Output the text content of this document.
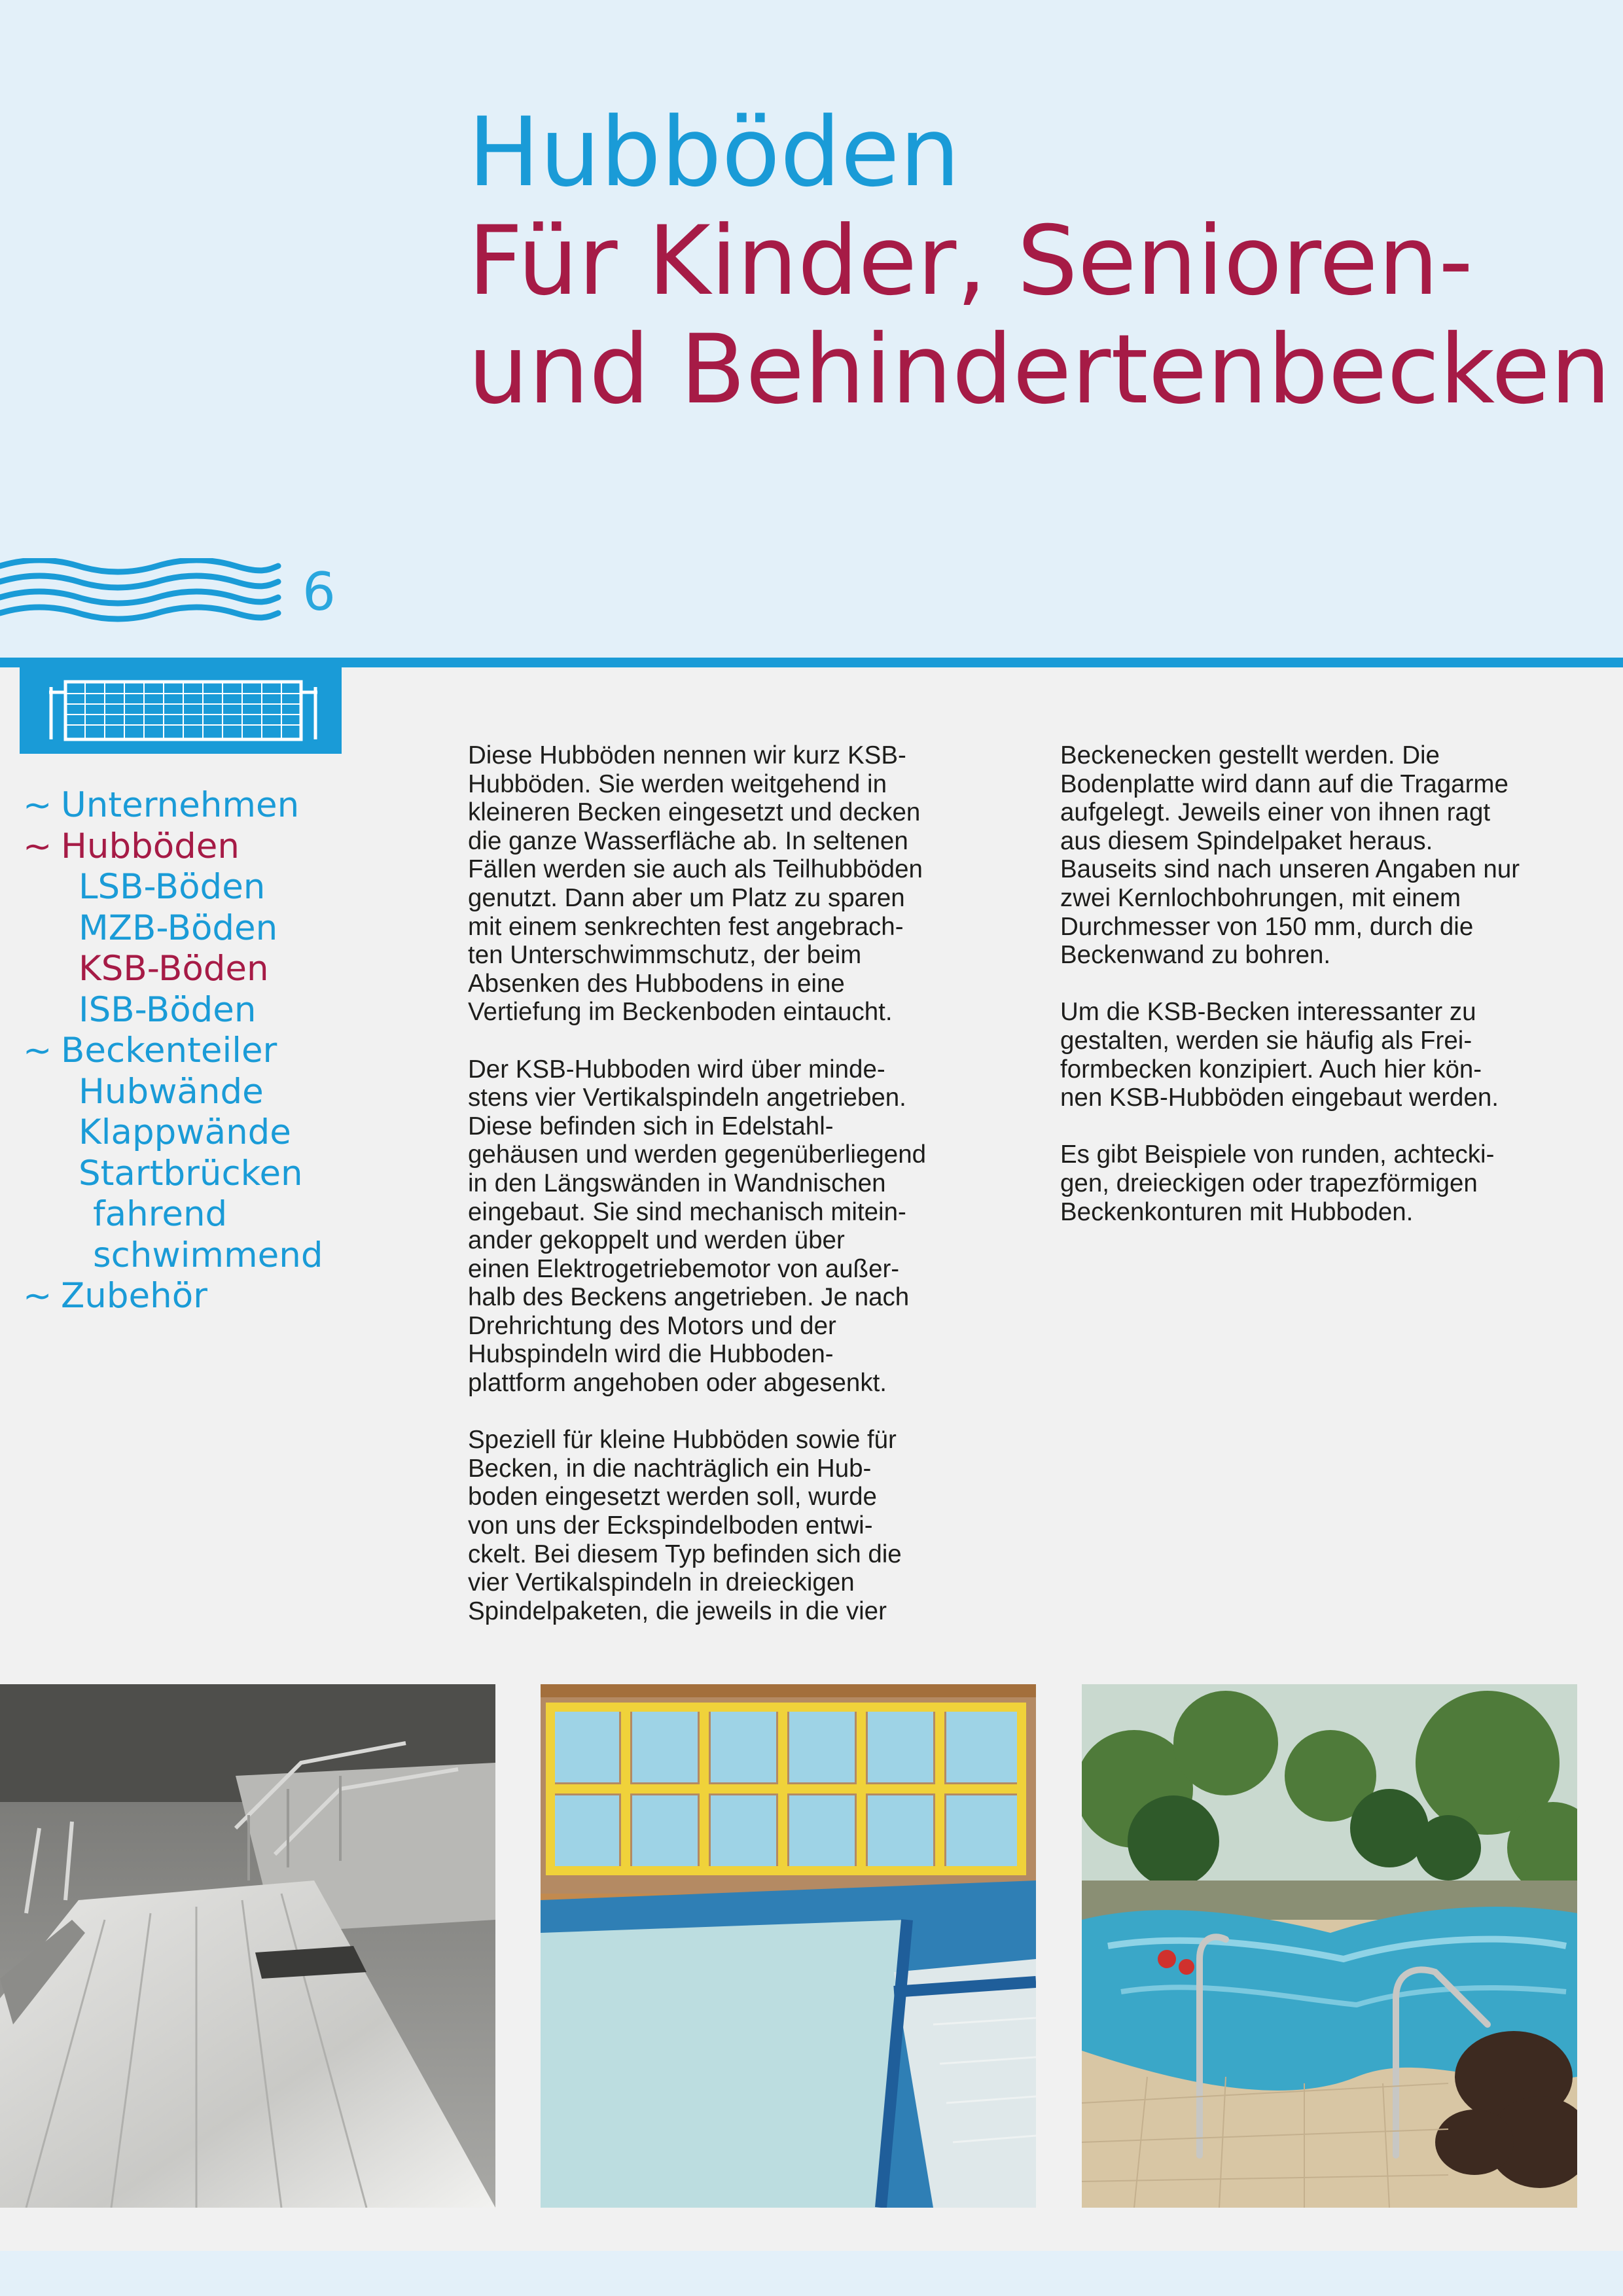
Hubböden
Für Kinder, Senioren-
und Behindertenbecken
6
~ Unternehmen
~ Hubböden
LSB-Böden
MZB-Böden
KSB-Böden
ISB-Böden
~ Beckenteiler
Hubwände
Klappwände
Startbrücken
fahrend
schwimmend
~ Zubehör

Diese Hubböden nennen wir kurz KSB-
Hubböden. Sie werden weitgehend in
kleineren Becken eingesetzt und decken
die ganze Wasserfläche ab. In seltenen
Fällen werden sie auch als Teilhubböden
genutzt. Dann aber um Platz zu sparen
mit einem senkrechten fest angebrach-
ten Unterschwimmschutz, der beim
Absenken des Hubbodens in eine
Vertiefung im Beckenboden eintaucht.

Der KSB-Hubboden wird über minde-
stens vier Vertikalspindeln angetrieben.
Diese befinden sich in Edelstahl-
gehäusen und werden gegenüberliegend
in den Längswänden in Wandnischen
eingebaut. Sie sind mechanisch mitein-
ander gekoppelt und werden über
einen Elektrogetriebemotor von außer-
halb des Beckens angetrieben. Je nach
Drehrichtung des Motors und der
Hubspindeln wird die Hubboden-
plattform angehoben oder abgesenkt.

Speziell für kleine Hubböden sowie für
Becken, in die nachträglich ein Hub-
boden eingesetzt werden soll, wurde
von uns der Eckspindelboden entwi-
ckelt. Bei diesem Typ befinden sich die
vier Vertikalspindeln in dreieckigen
Spindelpaketen, die jeweils in die vier

Beckenecken gestellt werden. Die
Bodenplatte wird dann auf die Tragarme
aufgelegt. Jeweils einer von ihnen ragt
aus diesem Spindelpaket heraus.
Bauseits sind nach unseren Angaben nur
zwei Kernlochbohrungen, mit einem
Durchmesser von 150 mm, durch die
Beckenwand zu bohren.

Um die KSB-Becken interessanter zu
gestalten, werden sie häufig als Frei-
formbecken konzipiert. Auch hier kön-
nen KSB-Hubböden eingebaut werden.

Es gibt Beispiele von runden, achtecki-
gen, dreieckigen oder trapezförmigen
Beckenkonturen mit Hubboden.
